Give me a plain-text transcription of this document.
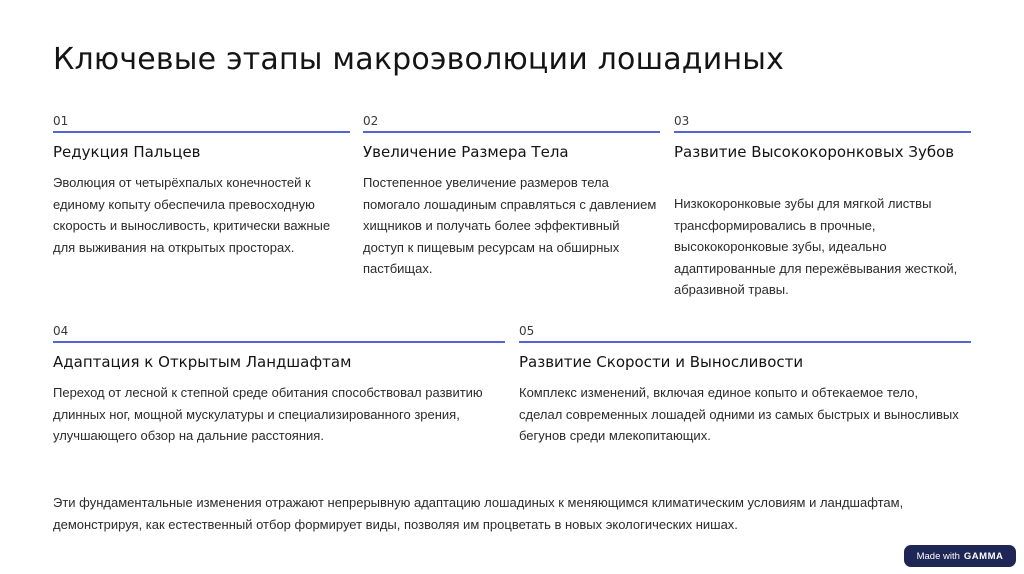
Ключевые этапы макроэволюции лошадиных
01
Редукция Пальцев
Эволюция от четырёхпалых конечностей к единому копыту обеспечила превосходную скорость и выносливость, критически важные для выживания на открытых просторах.
02
Увеличение Размера Тела
Постепенное увеличение размеров тела помогало лошадиным справляться с давлением хищников и получать более эффективный доступ к пищевым ресурсам на обширных пастбищах.
03
Развитие Высококоронковых Зубов
Низкокоронковые зубы для мягкой листвы трансформировались в прочные, высококоронковые зубы, идеально адаптированные для пережёвывания жесткой, абразивной травы.
04
Адаптация к Открытым Ландшафтам
Переход от лесной к степной среде обитания способствовал развитию длинных ног, мощной мускулатуры и специализированного зрения, улучшающего обзор на дальние расстояния.
05
Развитие Скорости и Выносливости
Комплекс изменений, включая единое копыто и обтекаемое тело, сделал современных лошадей одними из самых быстрых и выносливых бегунов среди млекопитающих.
Эти фундаментальные изменения отражают непрерывную адаптацию лошадиных к меняющимся климатическим условиям и ландшафтам, демонстрируя, как естественный отбор формирует виды, позволяя им процветать в новых экологических нишах.
Made with GAMMA
